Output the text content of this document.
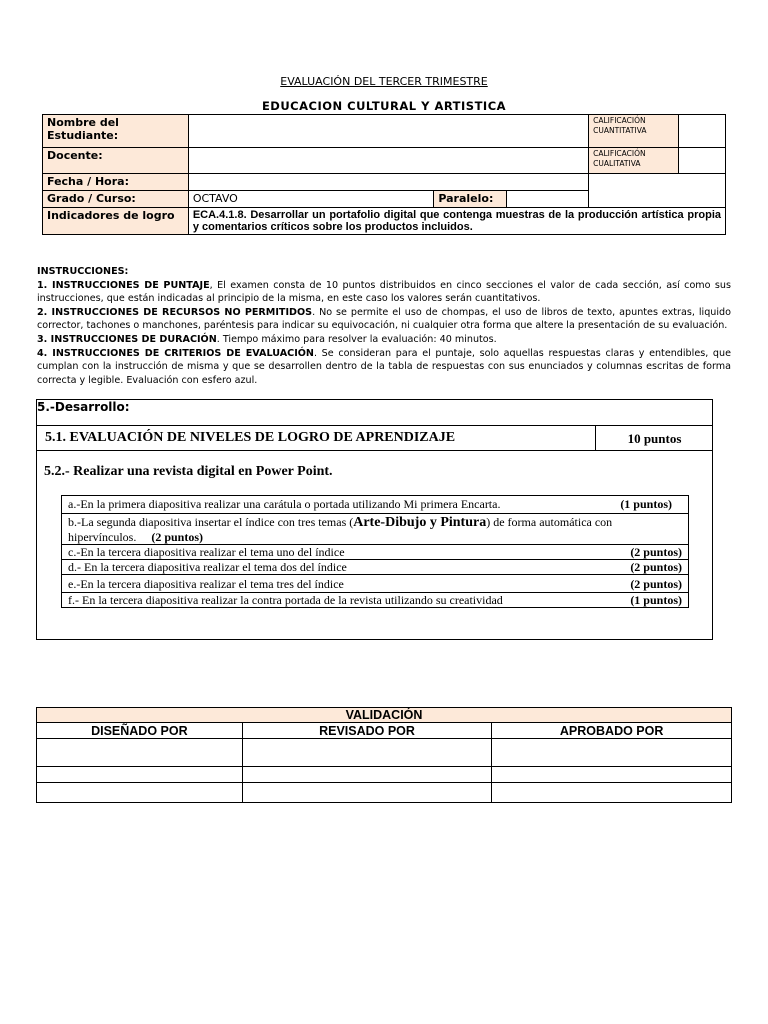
EVALUACIÓN DEL TERCER TRIMESTRE
EDUCACION CULTURAL Y ARTISTICA
Nombre del Estudiante:				CALIFICACIÓN CUANTITATIVA	
Docente:				CALIFICACIÓN CUALITATIVA	
Fecha / Hora:					
Grado / Curso:	OCTAVO	Paralelo:			
Indicadores de logro	ECA.4.1.8. Desarrollar un portafolio digital que contenga muestras de la producción artística propia y comentarios críticos sobre los productos incluidos.				

INSTRUCCIONES:

1. INSTRUCCIONES DE PUNTAJE, El examen consta de 10 puntos distribuidos en cinco secciones el valor de cada sección, así como sus instrucciones, que están indicadas al principio de la misma, en este caso los valores serán cuantitativos.

2. INSTRUCCIONES DE RECURSOS NO PERMITIDOS. No se permite el uso de chompas, el uso de libros de texto, apuntes extras, liquido corrector, tachones o manchones, paréntesis para indicar su equivocación, ni cualquier otra forma que altere la presentación de su evaluación.

3. INSTRUCCIONES DE DURACIÓN. Tiempo máximo para resolver la evaluación: 40 minutos.

4. INSTRUCCIONES DE CRITERIOS DE EVALUACIÓN. Se consideran para el puntaje, solo aquellas respuestas claras y entendibles, que cumplan con la instrucción de misma y que se desarrollen dentro de la tabla de respuestas con sus enunciados y columnas escritas de forma correcta y legible. Evaluación con esfero azul.

5.-Desarrollo:
5.1. EVALUACIÓN DE NIVELES DE LOGRO DE APRENDIZAJE	10 puntos
5.2.- Realizar una revista digital en Power Point.
a.-En la primera diapositiva realizar una carátula o portada utilizando Mi primera Encarta.	(1 puntos)

b.-La segunda diapositiva insertar el índice con tres temas (Arte-Dibujo y Pintura) de forma automática con hipervínculos. (2 puntos)
c.-En la tercera diapositiva realizar el tema uno del índice	(2 puntos)

d.- En la tercera diapositiva realizar el tema dos del índice	(2 puntos)

e.-En la tercera diapositiva realizar el tema tres del índice	(2 puntos)

f.- En la tercera diapositiva realizar la contra portada de la revista utilizando su creatividad	(1 puntos)
VALIDACIÓN		
DISEÑADO POR	REVISADO POR	APROBADO POR
